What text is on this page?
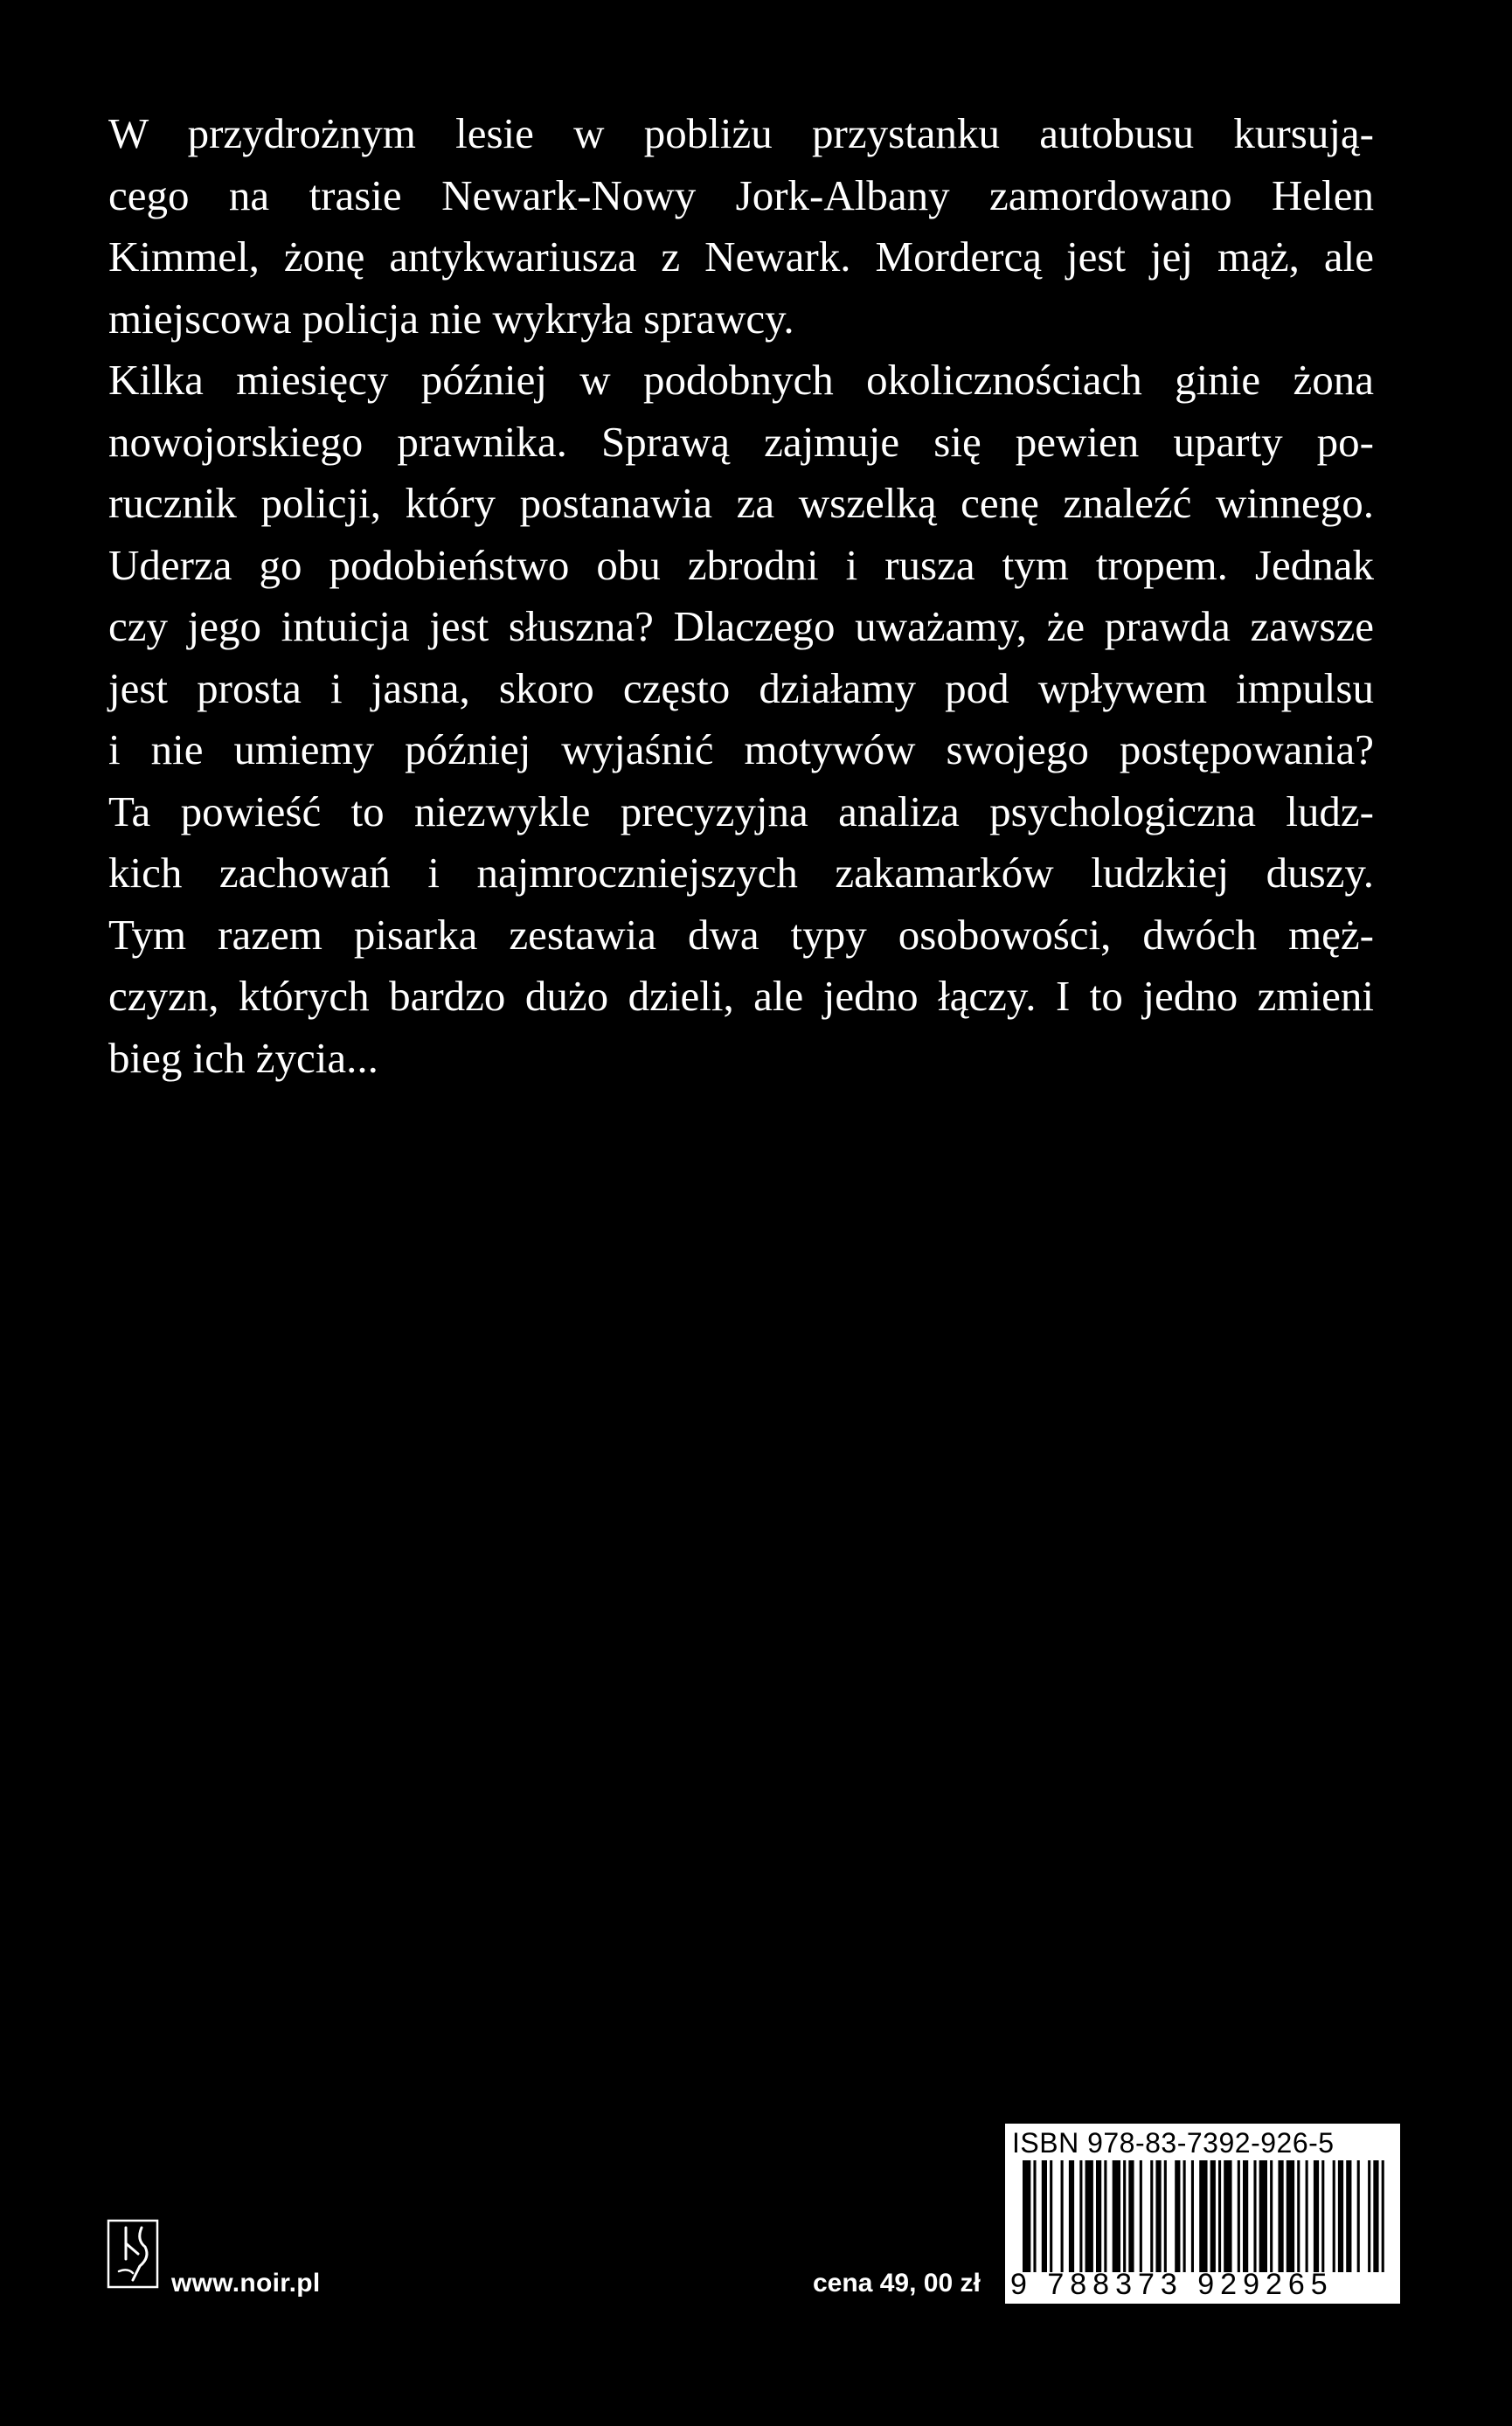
W przydrożnym lesie w pobliżu przystanku autobusu kursują-
cego na trasie Newark-Nowy Jork-Albany zamordowano Helen
Kimmel, żonę antykwariusza z Newark. Mordercą jest jej mąż, ale
miejscowa policja nie wykryła sprawcy.
Kilka miesięcy później w podobnych okolicznościach ginie żona
nowojorskiego prawnika. Sprawą zajmuje się pewien uparty po-
rucznik policji, który postanawia za wszelką cenę znaleźć winnego.
Uderza go podobieństwo obu zbrodni i rusza tym tropem. Jednak
czy jego intuicja jest słuszna? Dlaczego uważamy, że prawda zawsze
jest prosta i jasna, skoro często działamy pod wpływem impulsu
i nie umiemy później wyjaśnić motywów swojego postępowania?
Ta powieść to niezwykle precyzyjna analiza psychologiczna ludz-
kich zachowań i najmroczniejszych zakamarków ludzkiej duszy.
Tym razem pisarka zestawia dwa typy osobowości, dwóch męż-
czyzn, których bardzo dużo dzieli, ale jedno łączy. I to jedno zmieni
bieg ich życia...
www.noir.pl	cena 49, 00 zł
ISBN 978-83-7392-926-5
9 788373 929265
